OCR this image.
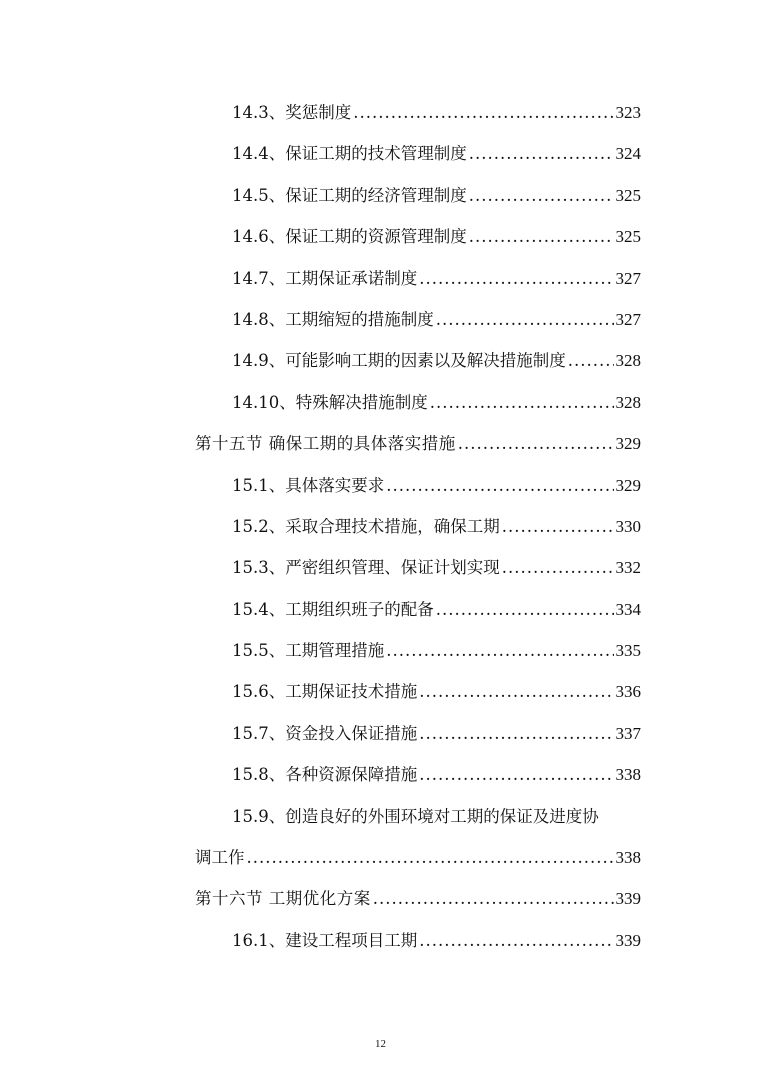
14.3、奖惩制度 .....	323
14.4、保证工期的技术管理制度 .....	324
14.5、保证工期的经济管理制度 .....	325
14.6、保证工期的资源管理制度 .....	325
14.7、工期保证承诺制度 .....	327
14.8、工期缩短的措施制度 .....	327
14.9、可能影响工期的因素以及解决措施制度 .....	328
14.10、特殊解决措施制度 .....	328
第十五节 确保工期的具体落实措施 .....	329
15.1、具体落实要求 .....	329
15.2、采取合理技术措施，确保工期 .....	330
15.3、严密组织管理、保证计划实现 .....	332
15.4、工期组织班子的配备 .....	334
15.5、工期管理措施 .....	335
15.6、工期保证技术措施 .....	336
15.7、资金投入保证措施 .....	337
15.8、各种资源保障措施 .....	338
15.9、创造良好的外围环境对工期的保证及进度协
调工作 .....	338
第十六节 工期优化方案 .....	339
16.1、建设工程项目工期 .....	339
12
